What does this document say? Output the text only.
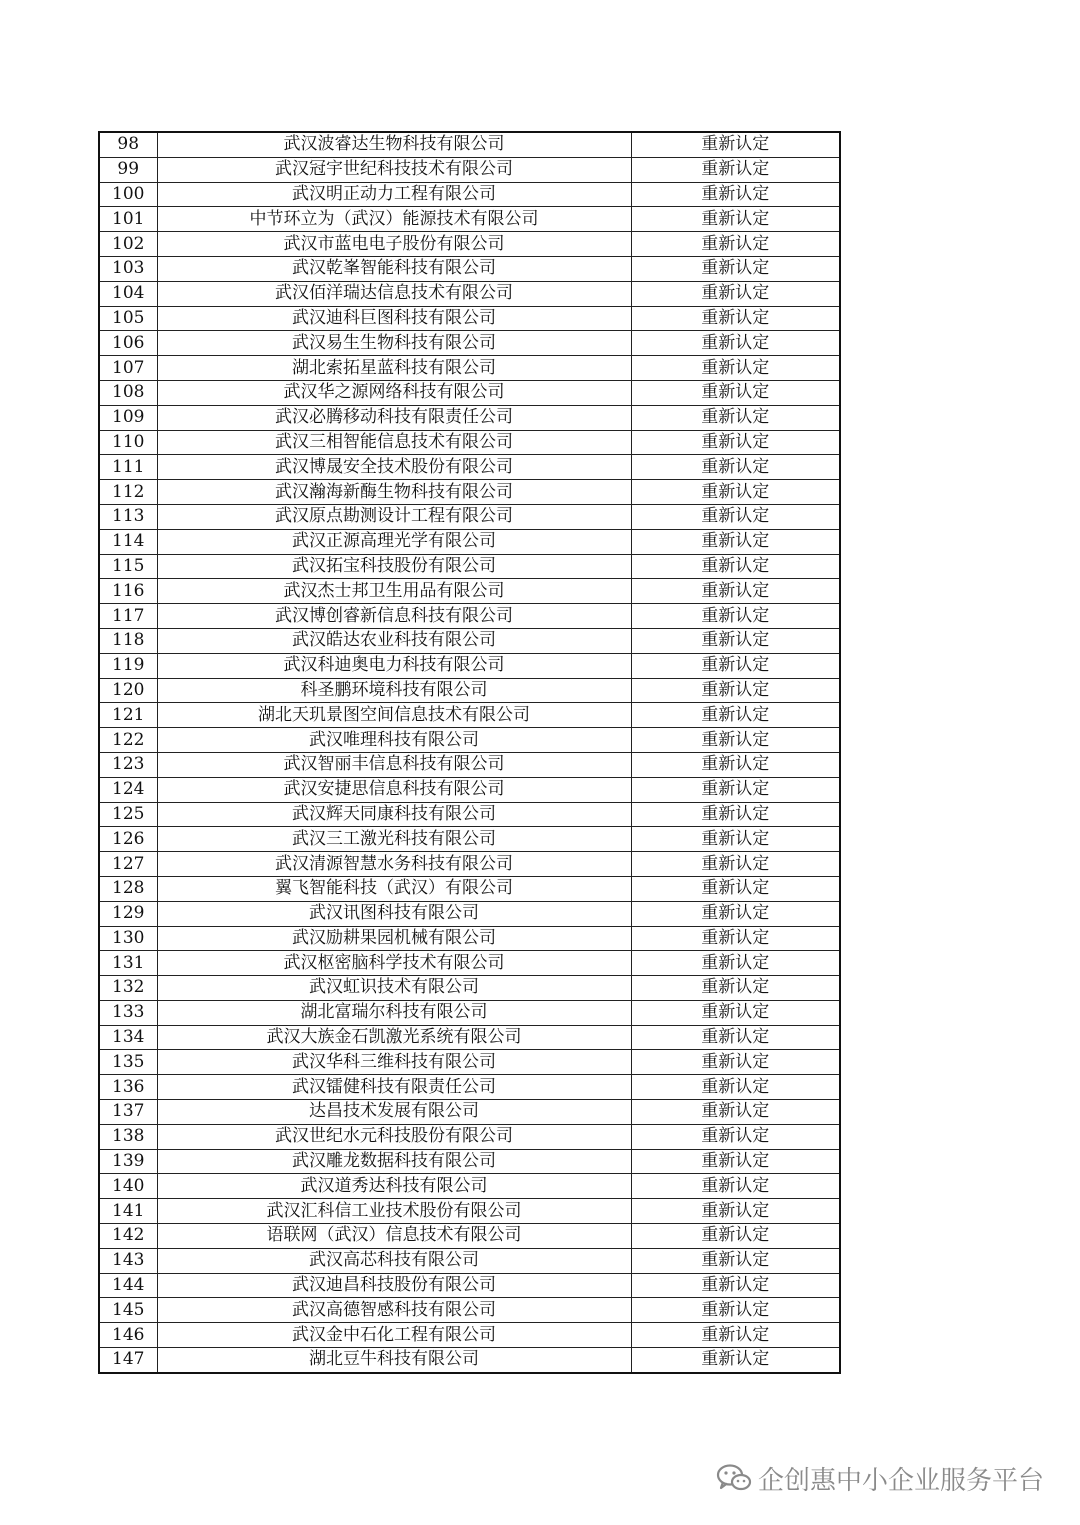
98	武汉波睿达生物科技有限公司	重新认定
99	武汉冠宇世纪科技技术有限公司	重新认定
100	武汉明正动力工程有限公司	重新认定
101	中节环立为（武汉）能源技术有限公司	重新认定
102	武汉市蓝电电子股份有限公司	重新认定
103	武汉乾峯智能科技有限公司	重新认定
104	武汉佰洋瑞达信息技术有限公司	重新认定
105	武汉迪科巨图科技有限公司	重新认定
106	武汉易生生物科技有限公司	重新认定
107	湖北索拓星蓝科技有限公司	重新认定
108	武汉华之源网络科技有限公司	重新认定
109	武汉必腾移动科技有限责任公司	重新认定
110	武汉三相智能信息技术有限公司	重新认定
111	武汉博晟安全技术股份有限公司	重新认定
112	武汉瀚海新酶生物科技有限公司	重新认定
113	武汉原点勘测设计工程有限公司	重新认定
114	武汉正源高理光学有限公司	重新认定
115	武汉拓宝科技股份有限公司	重新认定
116	武汉杰士邦卫生用品有限公司	重新认定
117	武汉博创睿新信息科技有限公司	重新认定
118	武汉皓达农业科技有限公司	重新认定
119	武汉科迪奥电力科技有限公司	重新认定
120	科圣鹏环境科技有限公司	重新认定
121	湖北天玑景图空间信息技术有限公司	重新认定
122	武汉唯理科技有限公司	重新认定
123	武汉智丽丰信息科技有限公司	重新认定
124	武汉安捷思信息科技有限公司	重新认定
125	武汉辉天同康科技有限公司	重新认定
126	武汉三工激光科技有限公司	重新认定
127	武汉清源智慧水务科技有限公司	重新认定
128	翼飞智能科技（武汉）有限公司	重新认定
129	武汉讯图科技有限公司	重新认定
130	武汉励耕果园机械有限公司	重新认定
131	武汉枢密脑科学技术有限公司	重新认定
132	武汉虹识技术有限公司	重新认定
133	湖北富瑞尔科技有限公司	重新认定
134	武汉大族金石凯激光系统有限公司	重新认定
135	武汉华科三维科技有限公司	重新认定
136	武汉镭健科技有限责任公司	重新认定
137	达昌技术发展有限公司	重新认定
138	武汉世纪水元科技股份有限公司	重新认定
139	武汉雕龙数据科技有限公司	重新认定
140	武汉道秀达科技有限公司	重新认定
141	武汉汇科信工业技术股份有限公司	重新认定
142	语联网（武汉）信息技术有限公司	重新认定
143	武汉高芯科技有限公司	重新认定
144	武汉迪昌科技股份有限公司	重新认定
145	武汉高德智感科技有限公司	重新认定
146	武汉金中石化工程有限公司	重新认定
147	湖北豆牛科技有限公司	重新认定
企创惠中小企业服务平台
